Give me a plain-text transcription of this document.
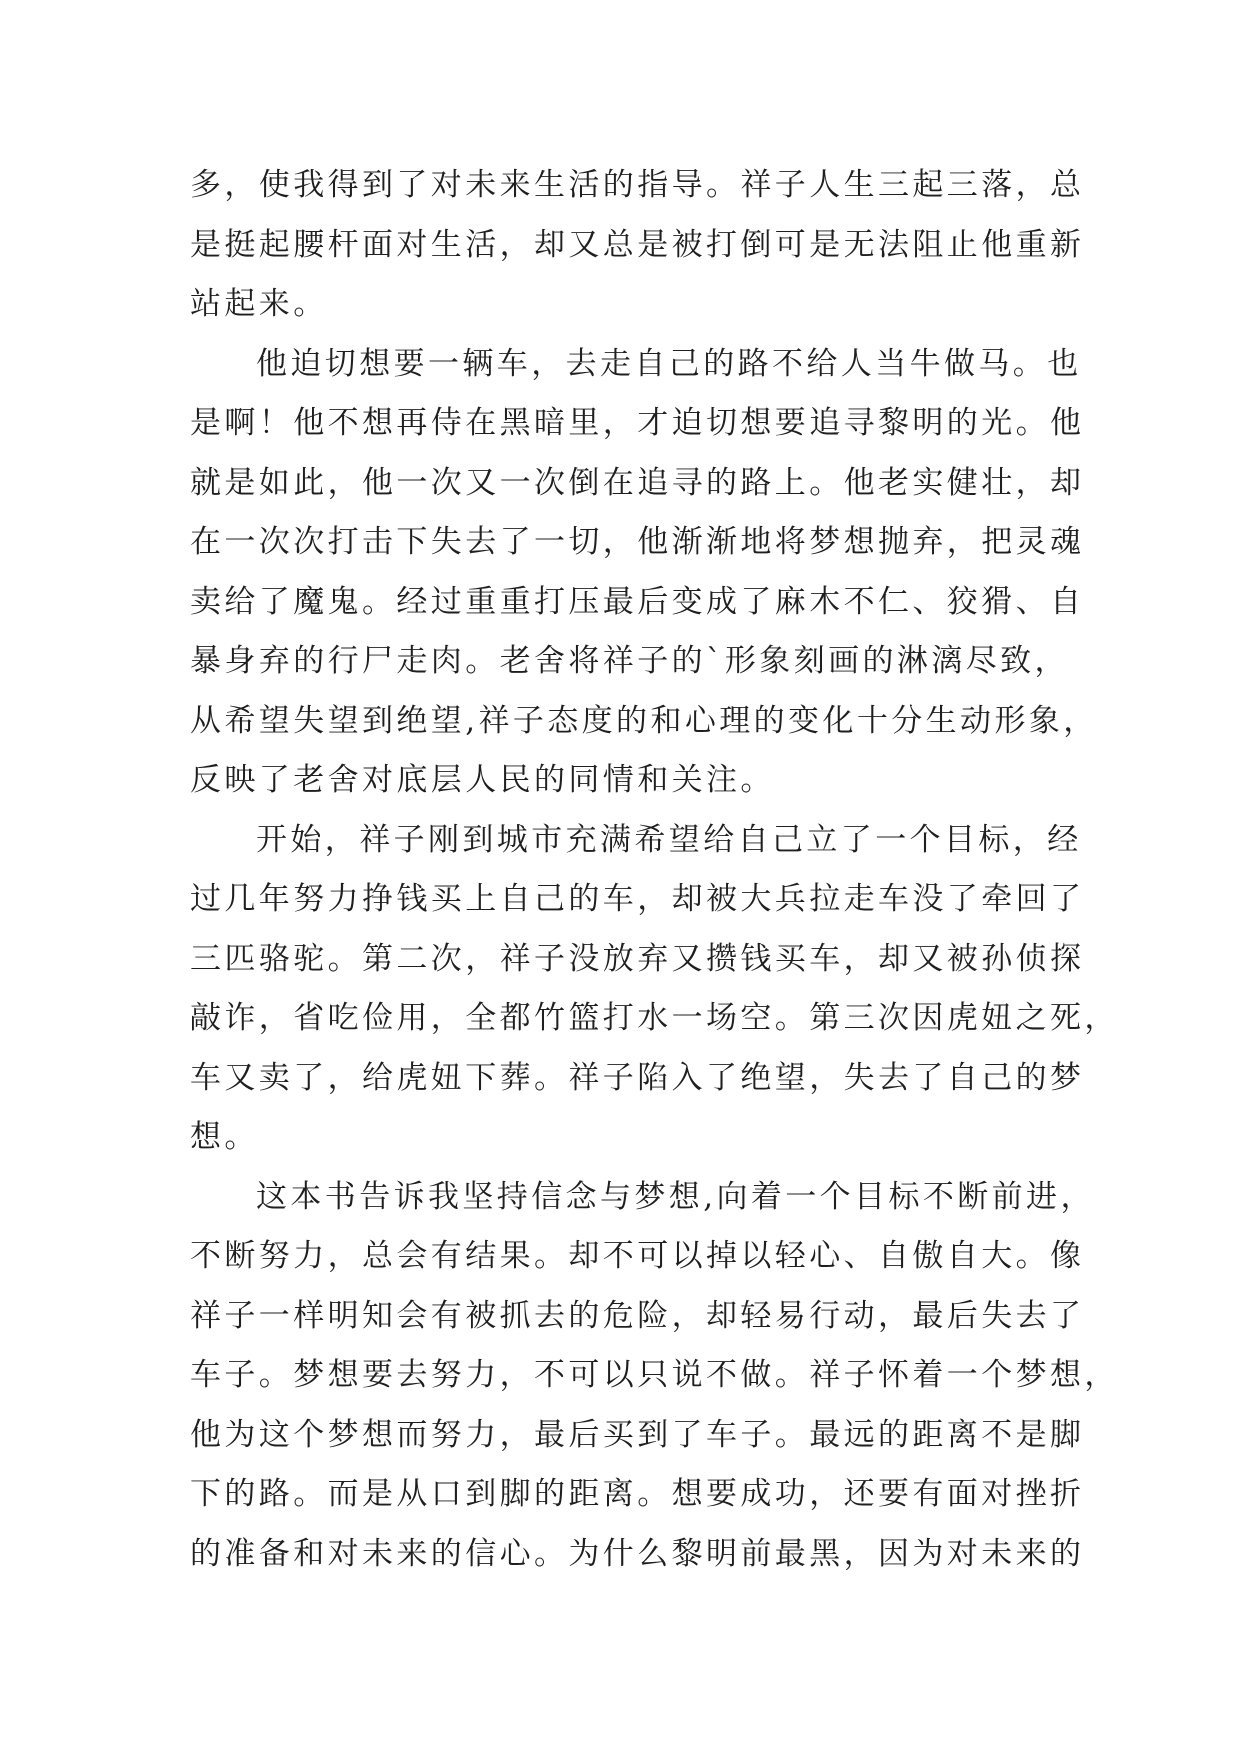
多，使我得到了对未来生活的指导。祥子人生三起三落，总
是挺起腰杆面对生活，却又总是被打倒可是无法阻止他重新
站起来。
他迫切想要一辆车，去走自己的路不给人当牛做马。也
是啊！他不想再侍在黑暗里，才迫切想要追寻黎明的光。他
就是如此，他一次又一次倒在追寻的路上。他老实健壮，却
在一次次打击下失去了一切，他渐渐地将梦想抛弃，把灵魂
卖给了魔鬼。经过重重打压最后变成了麻木不仁、狡猾、自
暴身弃的行尸走肉。老舍将祥子的`形象刻画的淋漓尽致，
从希望失望到绝望,祥子态度的和心理的变化十分生动形象，
反映了老舍对底层人民的同情和关注。
开始，祥子刚到城市充满希望给自己立了一个目标，经
过几年努力挣钱买上自己的车，却被大兵拉走车没了牵回了
三匹骆驼。第二次，祥子没放弃又攒钱买车，却又被孙侦探
敲诈，省吃俭用，全都竹篮打水一场空。第三次因虎妞之死，
车又卖了，给虎妞下葬。祥子陷入了绝望，失去了自己的梦
想。
这本书告诉我坚持信念与梦想,向着一个目标不断前进，
不断努力，总会有结果。却不可以掉以轻心、自傲自大。像
祥子一样明知会有被抓去的危险，却轻易行动，最后失去了
车子。梦想要去努力，不可以只说不做。祥子怀着一个梦想，
他为这个梦想而努力，最后买到了车子。最远的距离不是脚
下的路。而是从口到脚的距离。想要成功，还要有面对挫折
的准备和对未来的信心。为什么黎明前最黑，因为对未来的
